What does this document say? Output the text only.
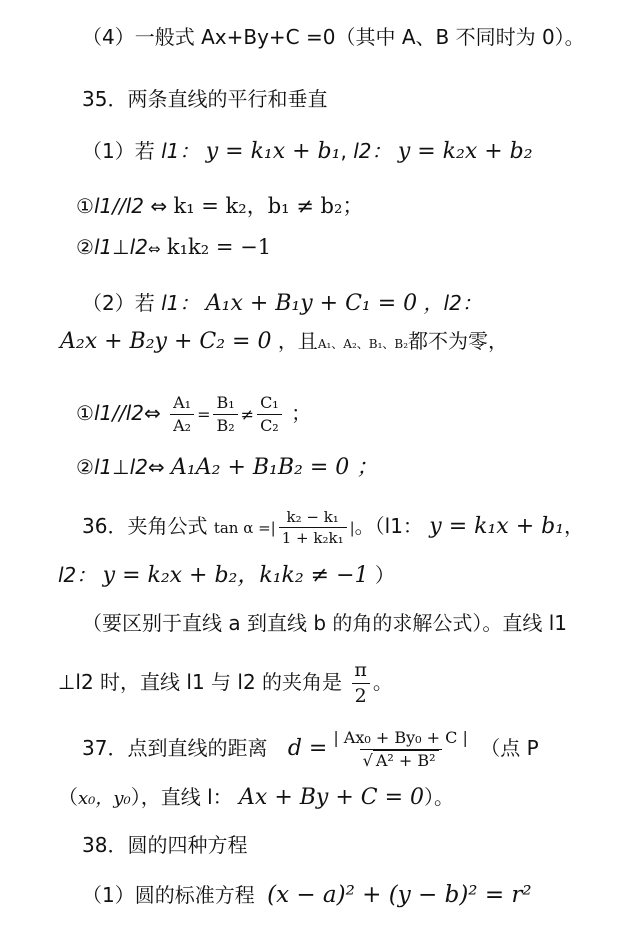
（4）一般式 Ax+By+C =0（其中 A、B 不同时为 0）。
35．两条直线的平行和垂直
（1）若 l1： y = k₁x + b₁, l2： y = k₂x + b₂
①l1//l2 ⇔ k₁ = k₂，b₁ ≠ b₂；
②l1⊥l2⇔ k₁k₂ = −1
（2）若 l1： A₁x + B₁y + C₁ = 0 ，l2：
A₂x + B₂y + C₂ = 0 ，且A₁、A₂、B₁、B₂都不为零，
①l1//l2⇔ $\frac{\text{A₁}}{\text{A₂}} = \frac{\text{B₁}}{\text{B₂}} \ne \frac{\text{C₁}}{\text{C₂}}$ ；
②l1⊥l2⇔ A₁A₂ + B₁B₂ = 0 ；
36．夹角公式 tan α =| $\frac{\text{k₂ − k₁}}{\text{1 + k₂k₁}}$ |。（l1： y = k₁x + b₁，
l2： y = k₂x + b₂，k₁k₂ ≠ −1 ）
（要区别于直线 a 到直线 b 的角的求解公式）。直线 l1
⊥l2 时，直线 l1 与 l2 的夹角是 $\frac{\pi}{2}$ 。
37．点到直线的距离 $d = \frac{\text{| Ax₀ + By₀ + C |}}{\text{√ A² + B²}}$ （点 P
（x₀，y₀），直线 l： Ax + By + C = 0）。
38．圆的四种方程
（1）圆的标准方程 (x − a)² + (y − b)² = r²
